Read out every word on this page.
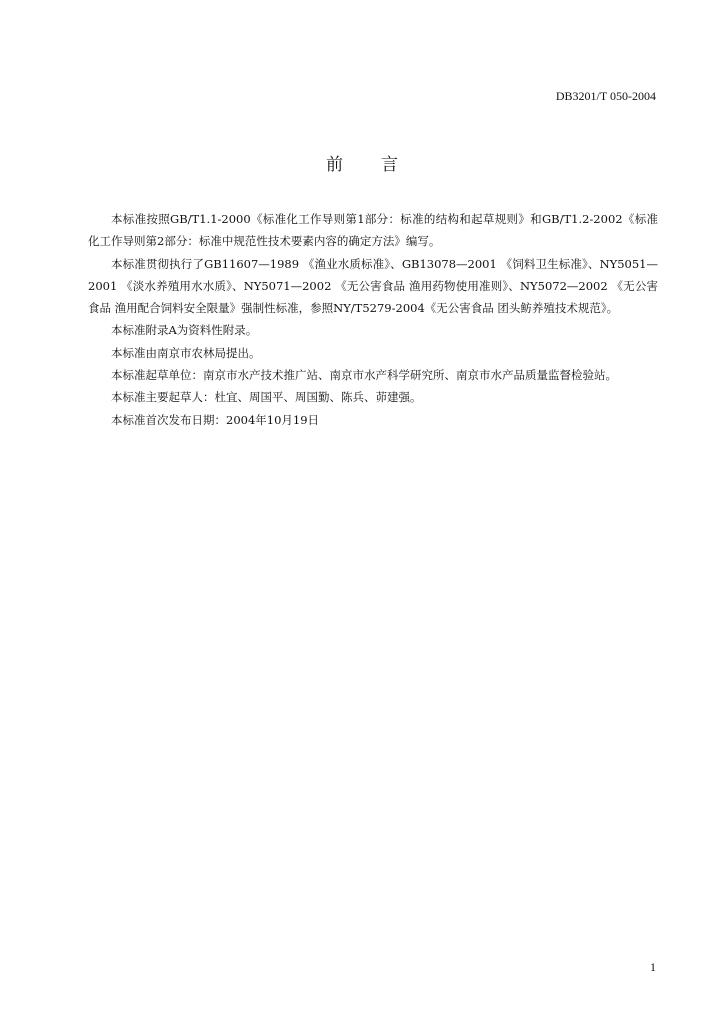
DB3201/T 050-2004
前 言

本标准按照GB/T1.1-2000《标准化工作导则第1部分：标准的结构和起草规则》和GB/T1.2-2002《标准化工作导则第2部分：标准中规范性技术要素内容的确定方法》编写。

本标准贯彻执行了GB11607—1989 《渔业水质标准》、GB13078—2001 《饲料卫生标准》、NY5051—2001 《淡水养殖用水水质》、NY5071—2002 《无公害食品 渔用药物使用准则》、NY5072—2002 《无公害食品 渔用配合饲料安全限量》强制性标准，参照NY/T5279-2004《无公害食品 团头鲂养殖技术规范》。

本标准附录A为资料性附录。

本标准由南京市农林局提出。

本标准起草单位：南京市水产技术推广站、南京市水产科学研究所、南京市水产品质量监督检验站。

本标准主要起草人：杜宜、周国平、周国勤、陈兵、茆建强。

本标准首次发布日期：2004年10月19日

1
